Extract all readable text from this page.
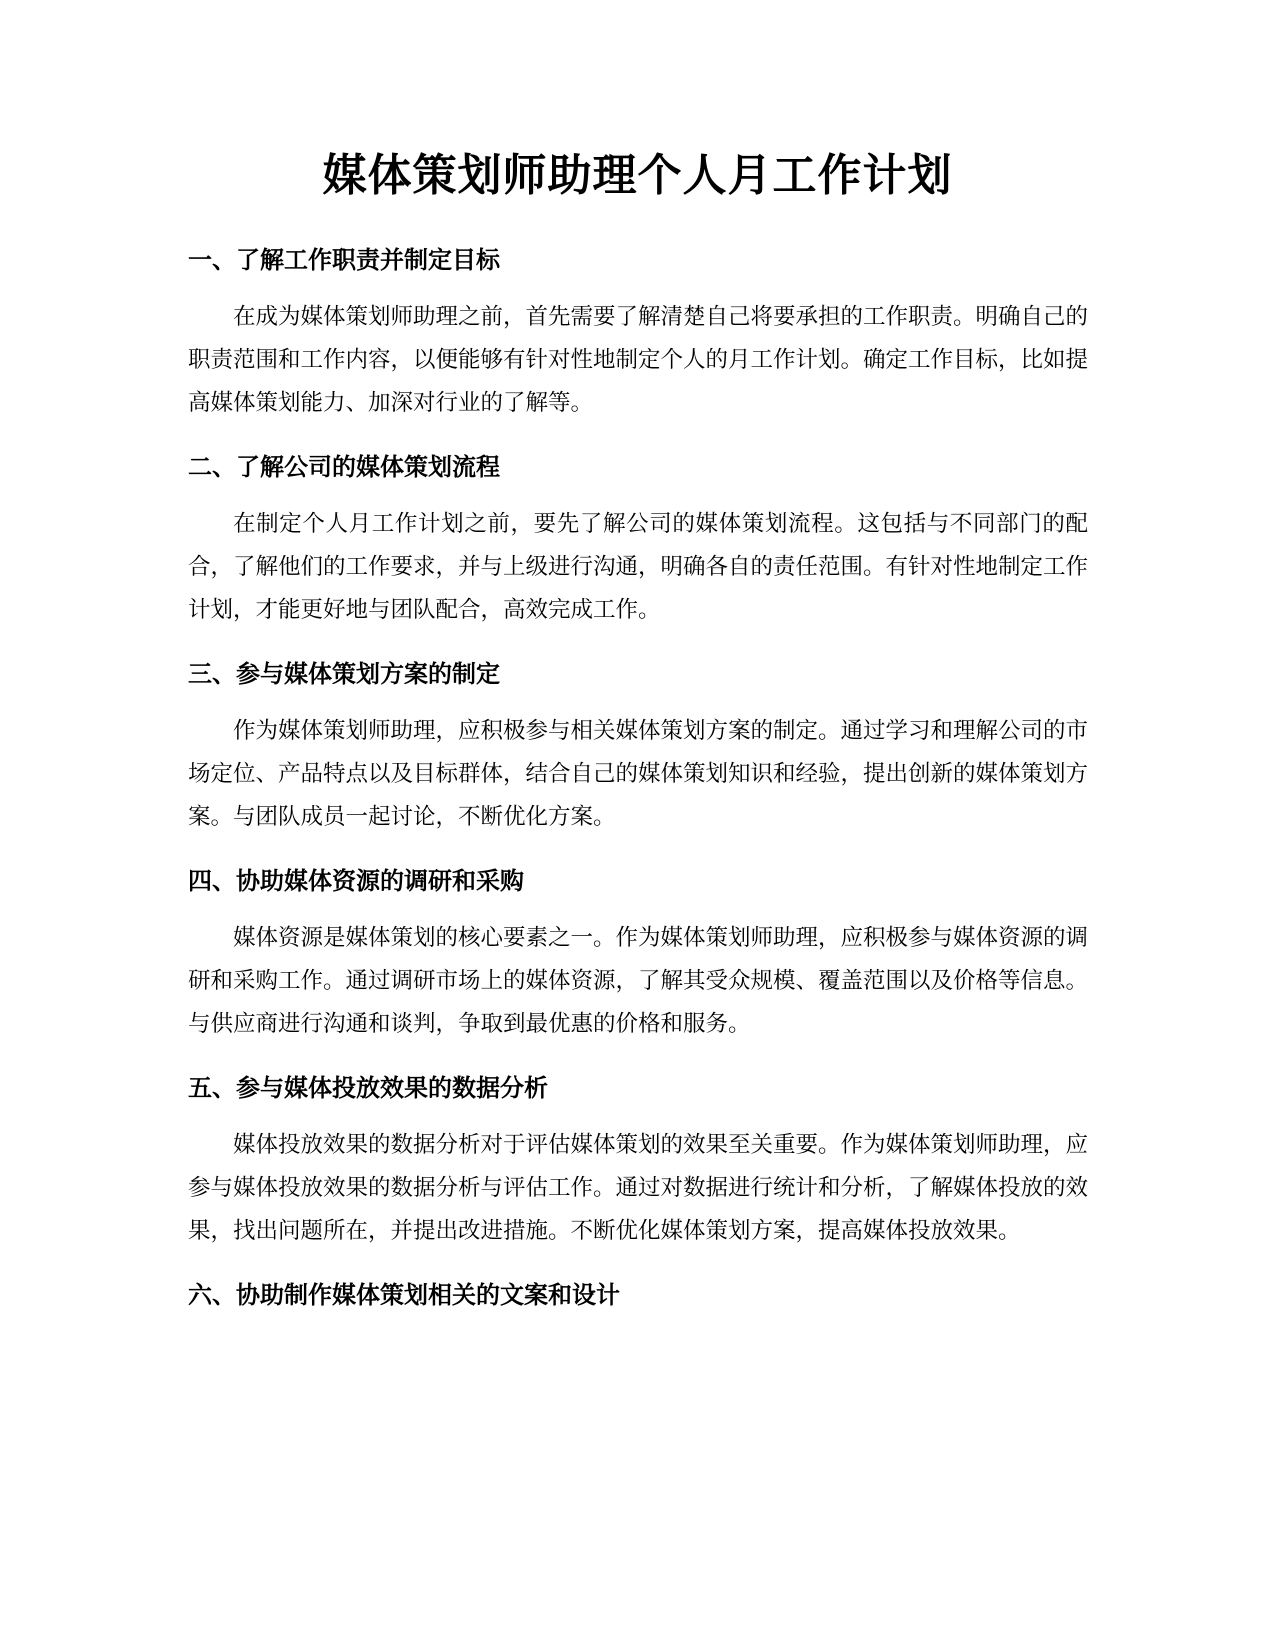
媒体策划师助理个人月工作计划
一、了解工作职责并制定目标

在成为媒体策划师助理之前，首先需要了解清楚自己将要承担的工作职责。明确自己的职责范围和工作内容，以便能够有针对性地制定个人的月工作计划。确定工作目标，比如提高媒体策划能力、加深对行业的了解等。

二、了解公司的媒体策划流程

在制定个人月工作计划之前，要先了解公司的媒体策划流程。这包括与不同部门的配合，了解他们的工作要求，并与上级进行沟通，明确各自的责任范围。有针对性地制定工作计划，才能更好地与团队配合，高效完成工作。

三、参与媒体策划方案的制定

作为媒体策划师助理，应积极参与相关媒体策划方案的制定。通过学习和理解公司的市场定位、产品特点以及目标群体，结合自己的媒体策划知识和经验，提出创新的媒体策划方案。与团队成员一起讨论，不断优化方案。

四、协助媒体资源的调研和采购

媒体资源是媒体策划的核心要素之一。作为媒体策划师助理，应积极参与媒体资源的调研和采购工作。通过调研市场上的媒体资源，了解其受众规模、覆盖范围以及价格等信息。与供应商进行沟通和谈判，争取到最优惠的价格和服务。

五、参与媒体投放效果的数据分析

媒体投放效果的数据分析对于评估媒体策划的效果至关重要。作为媒体策划师助理，应参与媒体投放效果的数据分析与评估工作。通过对数据进行统计和分析，了解媒体投放的效果，找出问题所在，并提出改进措施。不断优化媒体策划方案，提高媒体投放效果。

六、协助制作媒体策划相关的文案和设计
